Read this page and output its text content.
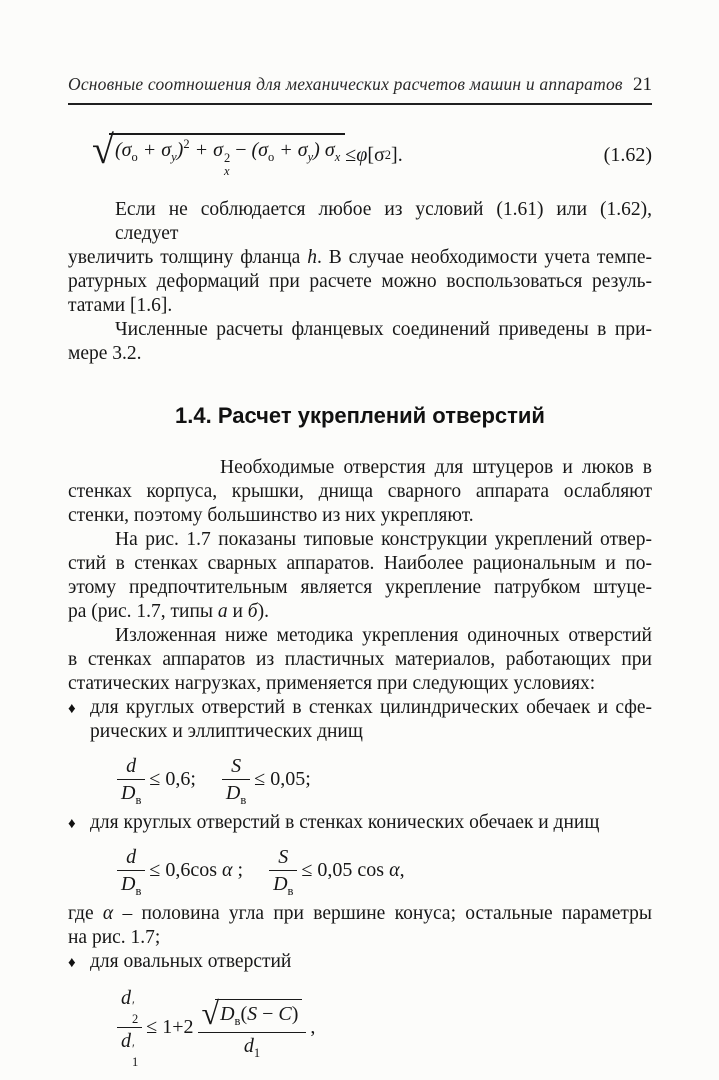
Основные соотношения для механических расчетов машин и аппаратов 21
√ $(\sigma_о + \sigma_y)^2 + \sigma$ 2
x
− $(\sigma_о + \sigma_y) \sigma_x \le \varphi$ [σ 2 ].	(1.62)
Если не соблюдается любое из условий (1.61) или (1.62), следует
увеличить толщину фланца h. В случае необходимости учета темпе-
ратурных деформаций при расчете можно воспользоваться резуль-
татами [1.6].
Численные расчеты фланцевых соединений приведены в при-
мере 3.2.
1.4. Расчет укреплений отверстий
Необходимые отверстия для штуцеров и люков в
стенках корпуса, крышки, днища сварного аппарата ослабляют
стенки, поэтому большинство из них укрепляют.
На рис. 1.7 показаны типовые конструкции укреплений отвер-
стий в стенках сварных аппаратов. Наиболее рациональным и по-
этому предпочтительным является укрепление патрубком штуце-
ра (рис. 1.7, типы а и б).
Изложенная ниже методика укрепления одиночных отверстий
в стенках аппаратов из пластичных материалов, работающих при
статических нагрузках, применяется при следующих условиях:
♦ для круглых отверстий в стенках цилиндрических обечаек и сфе-
рических и эллиптических днищ
$\frac{d}{D_в} \le 0,6$; $\frac{S}{D_в} \le 0,05$;
♦ для круглых отверстий в стенках конических обечаек и днищ
$\frac{d}{D_в} \le 0,6\cos$ α ; $\frac{S}{D_в} \le 0,05$ cos α,
где α – половина угла при вершине конуса; остальные параметры
на рис. 1.7;
♦ для овальных отверстий
d ′
2
d ′
$1 \le 1+2 \frac{√ D_в(S - C)}{d_1}$ ,
